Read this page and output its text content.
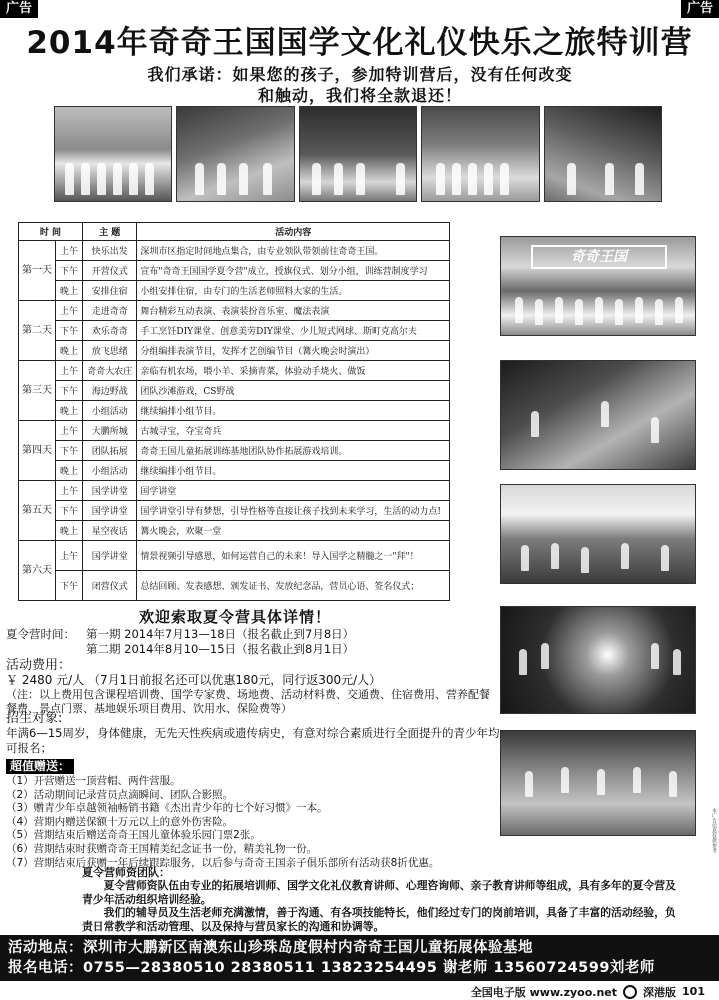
广告	广告
2014年奇奇王国国学文化礼仪快乐之旅特训营
我们承诺：如果您的孩子，参加特训营后，没有任何改变
和触动，我们将全款退还！
时 间		主 题	活动内容
第一天	上午	快乐出发	深圳市区指定时间地点集合，由专业领队带领前往奇奇王国。
	下午	开营仪式	宣布"奇奇王国国学夏令营"成立，授旗仪式、划分小组，训练营制度学习
	晚上	安排住宿	小组安排住宿，由专门的生活老师照料大家的生活。
第二天	上午	走进奇奇	舞台精彩互动表演、表演装扮音乐室、魔法表演
	下午	欢乐奇奇	手工烹饪DIY课堂、创意美劳DIY课堂、少儿短式网球、斯町克高尔夫
	晚上	放飞思绪	分组编排表演节目，发挥才艺创编节目（篝火晚会时演出）
第三天	上午	奇奇大农庄	亲临有机农场，喂小羊、采摘青菜，体验动手烧火、做饭
	下午	海边野战	团队沙滩游戏，CS野战
	晚上	小组活动	继续编排小组节目。
第四天	上午	大鹏所城	古城寻宝，夺宝奇兵
	下午	团队拓展	奇奇王国儿童拓展训练基地团队协作拓展游戏培训。
	晚上	小组活动	继续编排小组节目。
第五天	上午	国学讲堂	国学讲堂
	下午	国学讲堂	国学讲堂引导有梦想，引导性格等直接让孩子找到未来学习，生活的动力点!
	晚上	星空夜话	篝火晚会，欢聚一堂
第六天	上午	国学讲堂	情景视频引导感恩，如何运营自己的未来！导入国学之精髓之一"拜"！
	下午	闭营仪式	总结回顾、发表感想、颁发证书、发放纪念品，营员心语、签名仪式；
奇奇王国
欢迎索取夏令营具体详情！
夏令营时间： 第一期 2014年7月13—18日（报名截止到7月8日）
第二期 2014年8月10—15日（报名截止到8月1日）
活动费用：
￥ 2480 元/人 （7月1日前报名还可以优惠180元，同行返300元/人）
（注：以上费用包含课程培训费、国学专家费、场地费、活动材料费、交通费、住宿费用、营养配餐餐费、景点门票、基地娱乐项目费用、饮用水、保险费等）
招生对象:
年满6—15周岁，身体健康，无先天性疾病或遗传病史，有意对综合素质进行全面提升的青少年均可报名；
超值赠送：
（1）开营赠送一顶营帽、两件营服。
（2）活动期间记录营员点滴瞬间、团队合影照。
（3）赠青少年卓越领袖畅销书籍《杰出青少年的七个好习惯》一本。
（4）营期内赠送保额十万元以上的意外伤害险。
（5）营期结束后赠送奇奇王国儿童体验乐园门票2张。
（6）营期结束时获赠奇奇王国精美纪念证书一份，精美礼物一份。
（7）营期结束后获赠一年后续跟踪服务，以后参与奇奇王国亲子俱乐部所有活动获8折优惠。
夏令营师资团队：
夏令营师资队伍由专业的拓展培训师、国学文化礼仪教育讲师、心理咨询师、亲子教育讲师等组成，具有多年的夏令营及青少年活动组织培训经验。
我们的辅导员及生活老师充满激情，善于沟通、有各项技能特长，他们经过专门的岗前培训，具备了丰富的活动经验，负责日常教学和活动管理、以及保持与营员家长的沟通和协调等。
活动地点：深圳市大鹏新区南澳东山珍珠岛度假村内奇奇王国儿童拓展体验基地
报名电话：0755—28380510 28380511 13823254495 谢老师 13560724599刘老师
全国电子版 www.zyoo.net 深港版 101
本广告信息仅供参考
